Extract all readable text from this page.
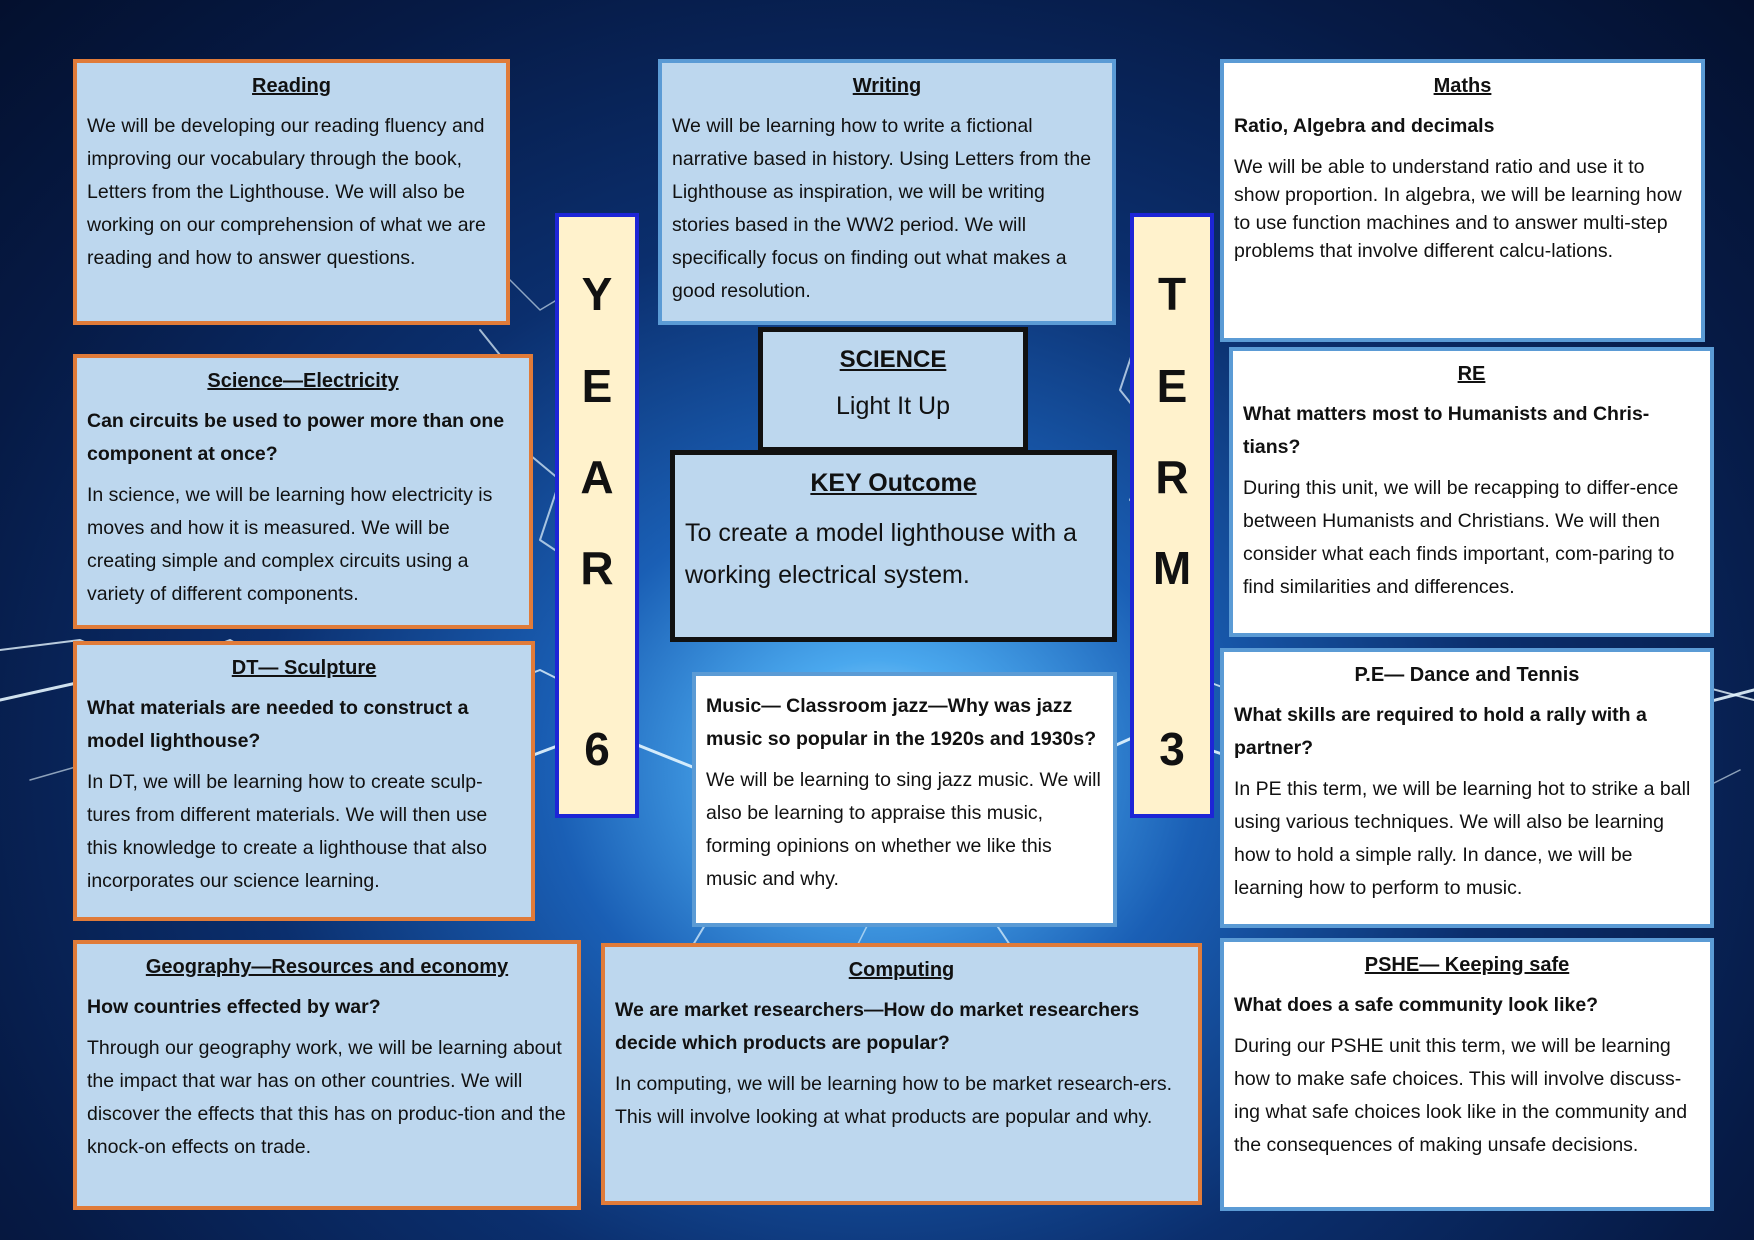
Reading

We will be developing our reading fluency and improving our vocabulary through the book, Letters from the Lighthouse. We will also be working on our comprehension of what we are reading and how to answer questions.

Writing

We will be learning how to write a fictional narrative based in history. Using Letters from the Lighthouse as inspiration, we will be writing stories based in the WW2 period. We will specifically focus on finding out what makes a good resolution.

Maths
Ratio, Algebra and decimals

We will be able to understand ratio and use it to show proportion. In algebra, we will be learning how to use function machines and to answer multi-step problems that involve different calcu-lations.

Y
E
A
R
6
T
E
R
M
3
SCIENCE
Light It Up
KEY Outcome

To create a model lighthouse with a working electrical system.

Science—Electricity
Can circuits be used to power more than one component at once?

In science, we will be learning how electricity is moves and how it is measured. We will be creating simple and complex circuits using a variety of different components.

DT— Sculpture
What materials are needed to construct a model lighthouse?

In DT, we will be learning how to create sculp-tures from different materials. We will then use this knowledge to create a lighthouse that also incorporates our science learning.

Music— Classroom jazz—Why was jazz music so popular in the 1920s and 1930s?

We will be learning to sing jazz music. We will also be learning to appraise this music, forming opinions on whether we like this music and why.

RE
What matters most to Humanists and Chris-tians?

During this unit, we will be recapping to differ-ence between Humanists and Christians. We will then consider what each finds important, com-paring to find similarities and differences.

P.E— Dance and Tennis
What skills are required to hold a rally with a partner?

In PE this term, we will be learning hot to strike a ball using various techniques. We will also be learning how to hold a simple rally. In dance, we will be learning how to perform to music.

Geography—Resources and economy
How countries effected by war?

Through our geography work, we will be learning about the impact that war has on other countries. We will discover the effects that this has on produc-tion and the knock-on effects on trade.

Computing
We are market researchers—How do market researchers decide which products are popular?

In computing, we will be learning how to be market research-ers. This will involve looking at what products are popular and why.

PSHE— Keeping safe
What does a safe community look like?

During our PSHE unit this term, we will be learning how to make safe choices. This will involve discuss-ing what safe choices look like in the community and the consequences of making unsafe decisions.
